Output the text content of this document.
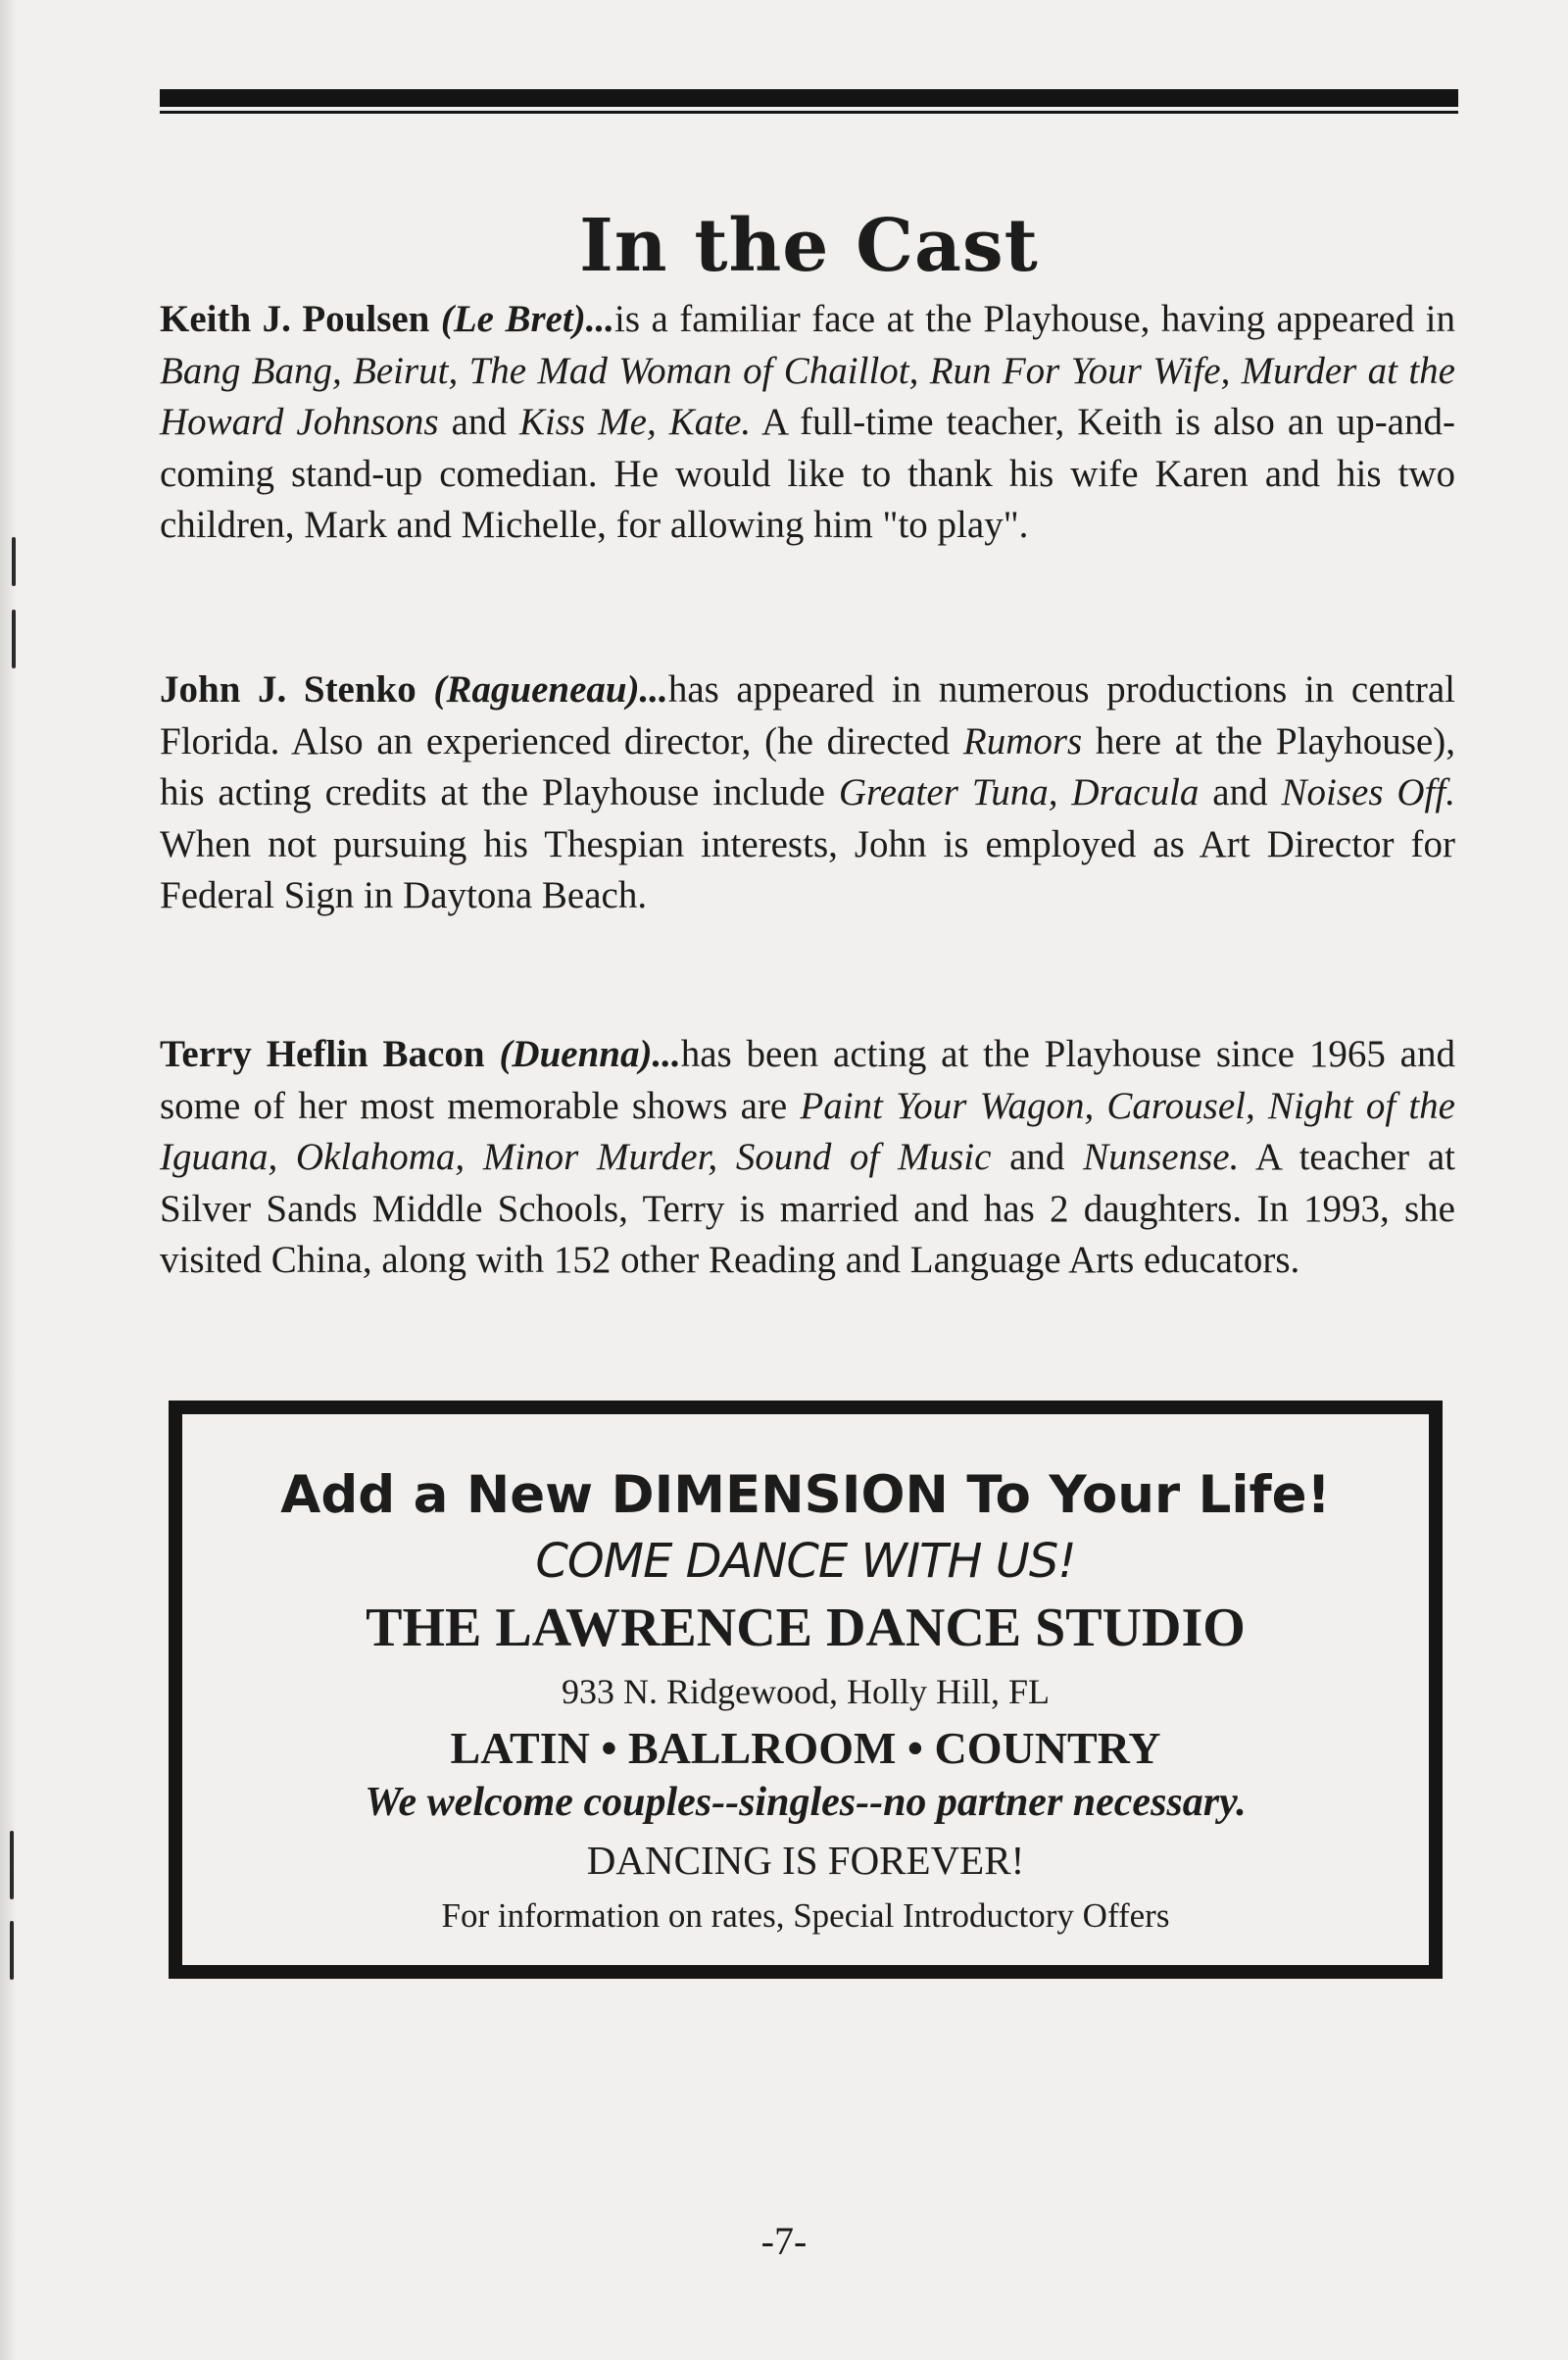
In the Cast

Keith J. Poulsen (Le Bret)...is a familiar face at the Playhouse, having appeared in Bang Bang, Beirut, The Mad Woman of Chaillot, Run For Your Wife, Murder at the Howard Johnsons and Kiss Me, Kate. A full-time teacher, Keith is also an up-and-coming stand-up comedian. He would like to thank his wife Karen and his two children, Mark and Michelle, for allowing him "to play".

John J. Stenko (Ragueneau)...has appeared in numerous productions in central Florida. Also an experienced director, (he directed Rumors here at the Playhouse), his acting credits at the Playhouse include Greater Tuna, Dracula and Noises Off. When not pursuing his Thespian interests, John is employed as Art Director for Federal Sign in Daytona Beach.

Terry Heflin Bacon (Duenna)...has been acting at the Playhouse since 1965 and some of her most memorable shows are Paint Your Wagon, Carousel, Night of the Iguana, Oklahoma, Minor Murder, Sound of Music and Nunsense. A teacher at Silver Sands Middle Schools, Terry is married and has 2 daughters. In 1993, she visited China, along with 152 other Reading and Language Arts educators.

Add a New DIMENSION To Your Life!

COME DANCE WITH US!

THE LAWRENCE DANCE STUDIO

933 N. Ridgewood, Holly Hill, FL

LATIN • BALLROOM • COUNTRY

We welcome couples--singles--no partner necessary.

DANCING IS FOREVER!

For information on rates, Special Introductory Offers

-7-
